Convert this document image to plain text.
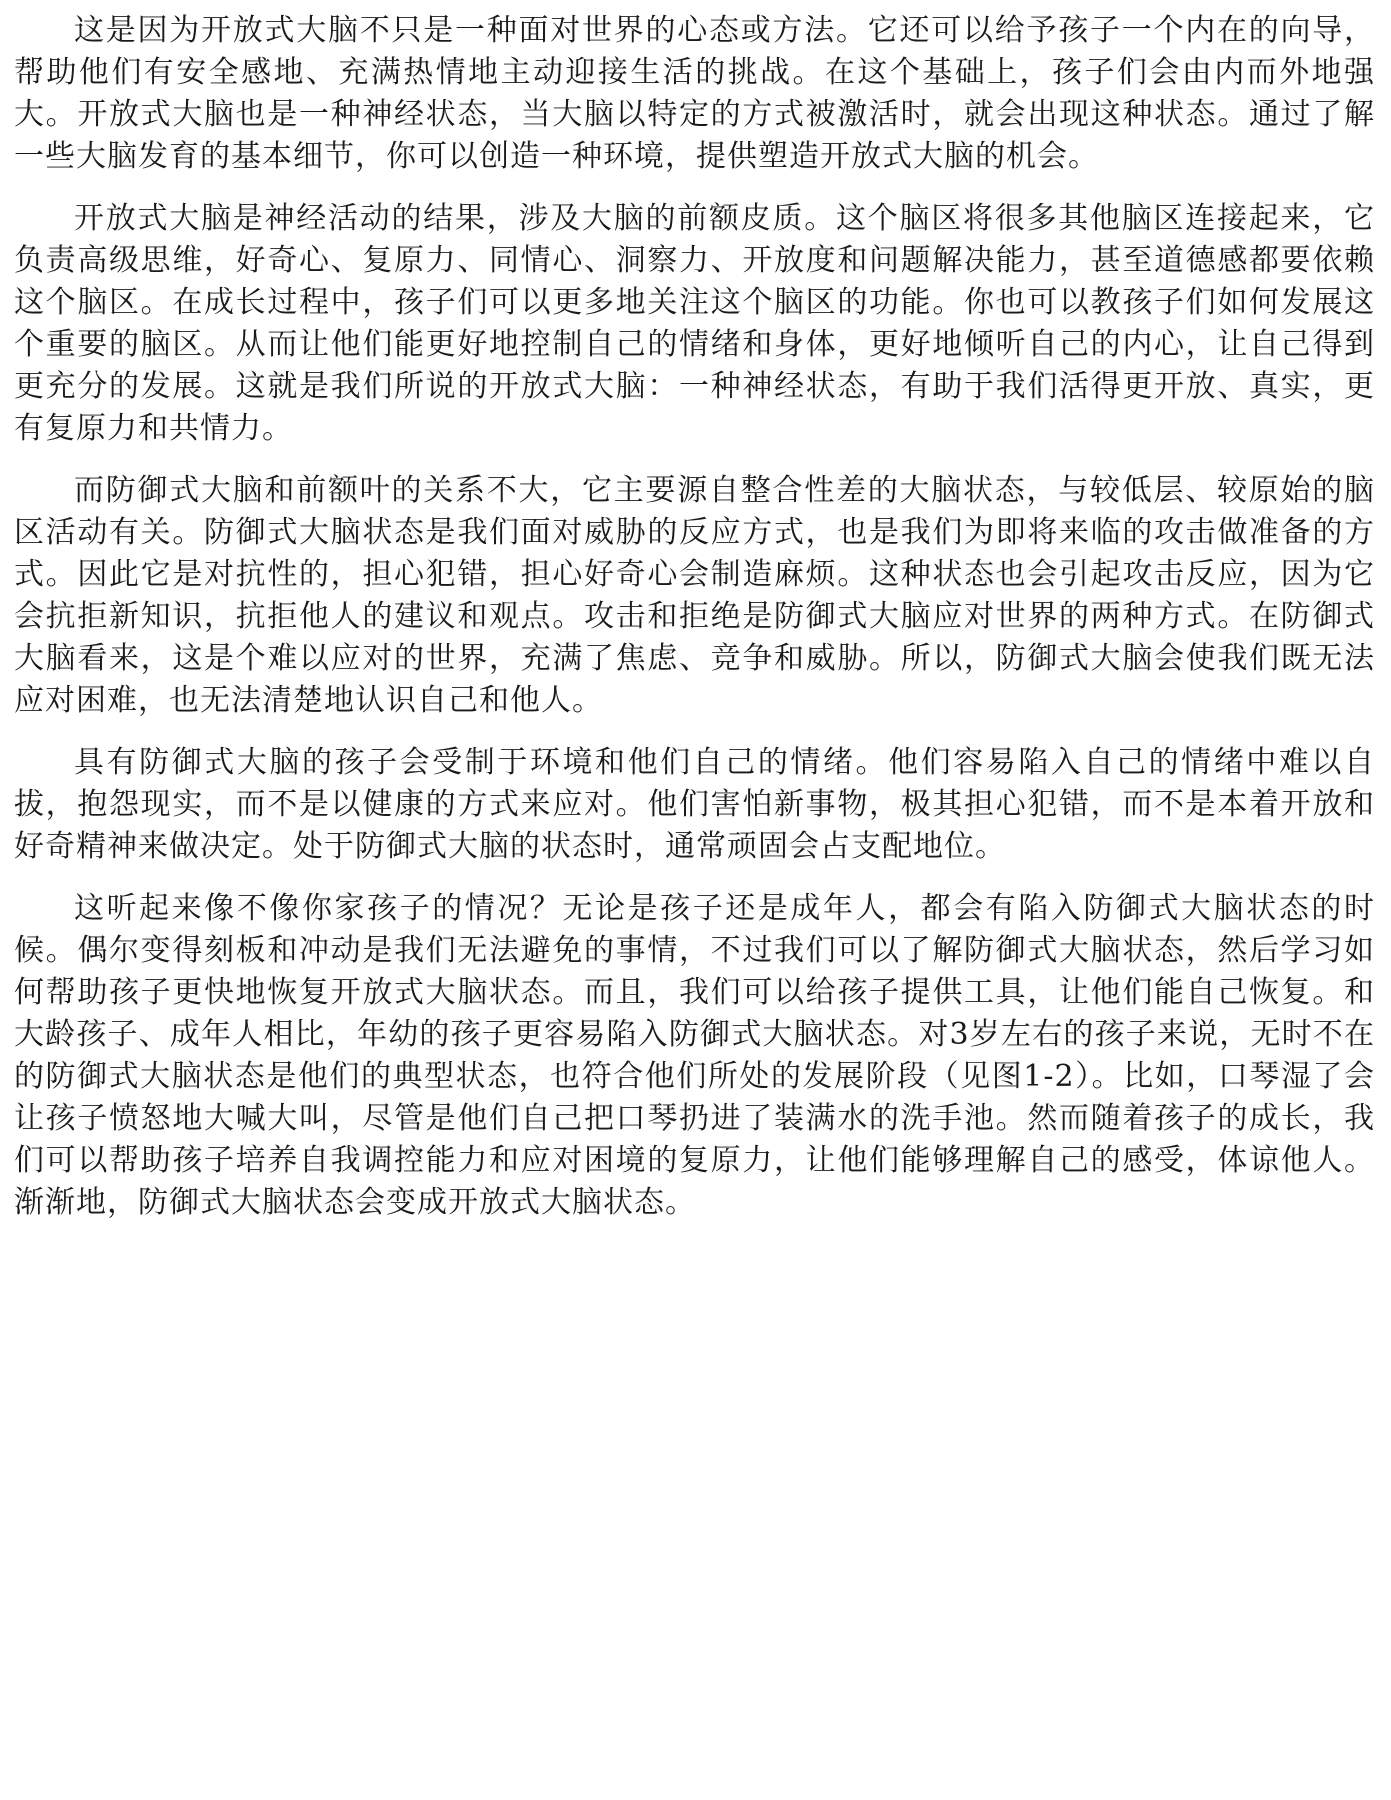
这是因为开放式大脑不只是一种面对世界的心态或方法。它还可以给予孩子一个内在的向导，帮助他们有安全感地、充满热情地主动迎接生活的挑战。在这个基础上，孩子们会由内而外地强大。开放式大脑也是一种神经状态，当大脑以特定的方式被激活时，就会出现这种状态。通过了解一些大脑发育的基本细节，你可以创造一种环境，提供塑造开放式大脑的机会。

开放式大脑是神经活动的结果，涉及大脑的前额皮质。这个脑区将很多其他脑区连接起来，它负责高级思维，好奇心、复原力、同情心、洞察力、开放度和问题解决能力，甚至道德感都要依赖这个脑区。在成长过程中，孩子们可以更多地关注这个脑区的功能。你也可以教孩子们如何发展这个重要的脑区。从而让他们能更好地控制自己的情绪和身体，更好地倾听自己的内心，让自己得到更充分的发展。这就是我们所说的开放式大脑：一种神经状态，有助于我们活得更开放、真实，更有复原力和共情力。

而防御式大脑和前额叶的关系不大，它主要源自整合性差的大脑状态，与较低层、较原始的脑区活动有关。防御式大脑状态是我们面对威胁的反应方式，也是我们为即将来临的攻击做准备的方式。因此它是对抗性的，担心犯错，担心好奇心会制造麻烦。这种状态也会引起攻击反应，因为它会抗拒新知识，抗拒他人的建议和观点。攻击和拒绝是防御式大脑应对世界的两种方式。在防御式大脑看来，这是个难以应对的世界，充满了焦虑、竞争和威胁。所以，防御式大脑会使我们既无法应对困难，也无法清楚地认识自己和他人。

具有防御式大脑的孩子会受制于环境和他们自己的情绪。他们容易陷入自己的情绪中难以自拔，抱怨现实，而不是以健康的方式来应对。他们害怕新事物，极其担心犯错，而不是本着开放和好奇精神来做决定。处于防御式大脑的状态时，通常顽固会占支配地位。

这听起来像不像你家孩子的情况？无论是孩子还是成年人，都会有陷入防御式大脑状态的时候。偶尔变得刻板和冲动是我们无法避免的事情，不过我们可以了解防御式大脑状态，然后学习如何帮助孩子更快地恢复开放式大脑状态。而且，我们可以给孩子提供工具，让他们能自己恢复。和大龄孩子、成年人相比，年幼的孩子更容易陷入防御式大脑状态。对3岁左右的孩子来说，无时不在的防御式大脑状态是他们的典型状态，也符合他们所处的发展阶段（见图1-2）。比如，口琴湿了会让孩子愤怒地大喊大叫，尽管是他们自己把口琴扔进了装满水的洗手池。然而随着孩子的成长，我们可以帮助孩子培养自我调控能力和应对困境的复原力，让他们能够理解自己的感受，体谅他人。渐渐地，防御式大脑状态会变成开放式大脑状态。
